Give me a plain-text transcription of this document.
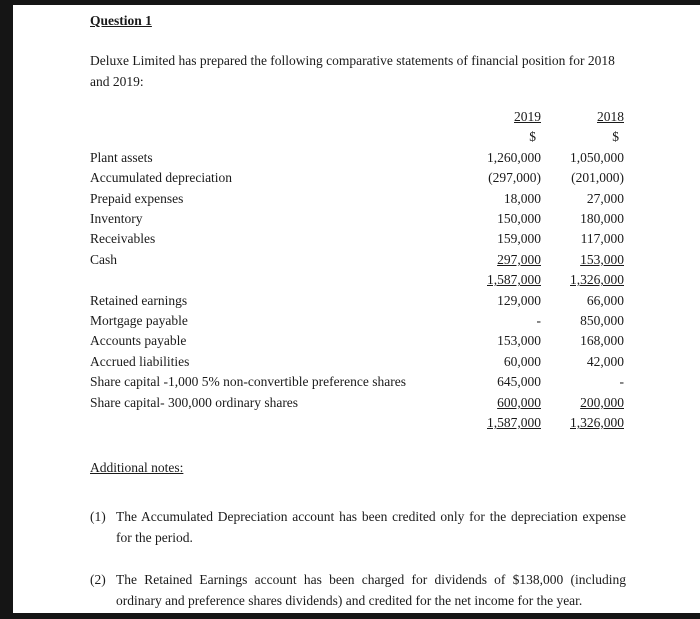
Question 1

Deluxe Limited has prepared the following comparative statements of financial position for 2018 and 2019:

	2019	2018
	$	$
Plant assets	1,260,000	1,050,000
Accumulated depreciation	(297,000)	(201,000)
Prepaid expenses	18,000	27,000
Inventory	150,000	180,000
Receivables	159,000	117,000
Cash	297,000	153,000
	1,587,000	1,326,000
Retained earnings	129,000	66,000
Mortgage payable	-	850,000
Accounts payable	153,000	168,000
Accrued liabilities	60,000	42,000
Share capital -1,000 5% non-convertible preference shares	645,000	-
Share capital- 300,000 ordinary shares	600,000	200,000
	1,587,000	1,326,000
Additional notes:
(1) The Accumulated Depreciation account has been credited only for the depreciation expense for the period.
(2) The Retained Earnings account has been charged for dividends of $138,000 (including ordinary and preference shares dividends) and credited for the net income for the year.
